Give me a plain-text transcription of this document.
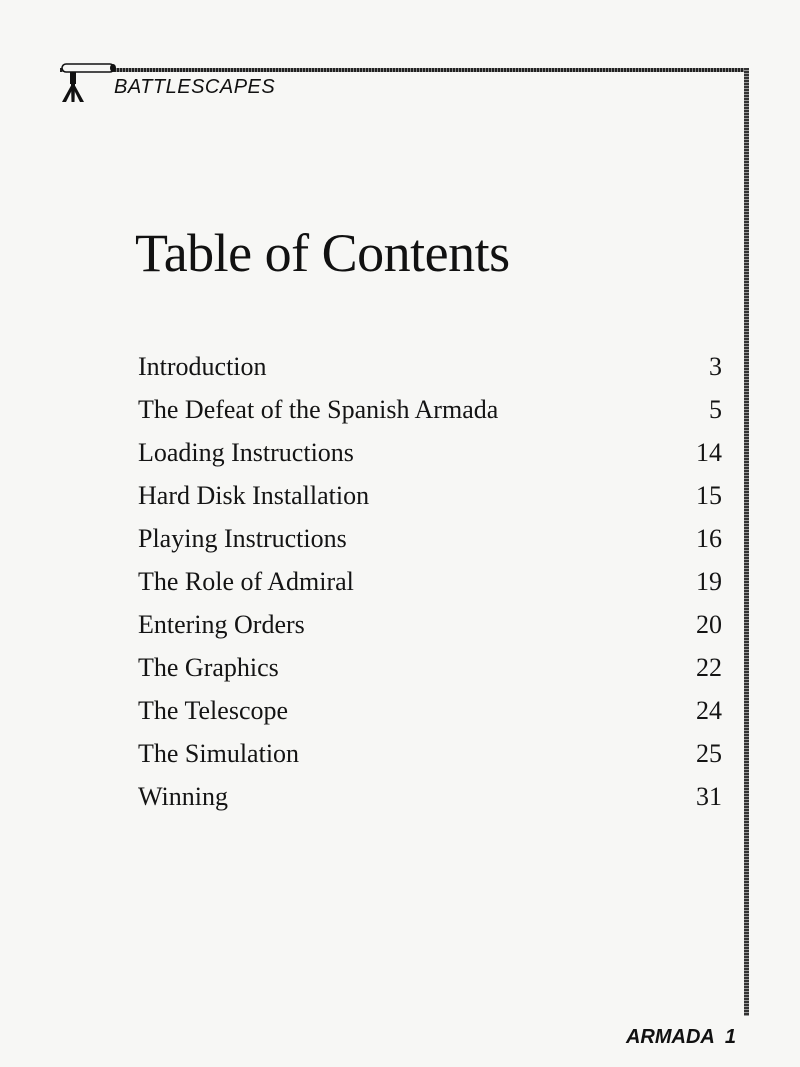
BATTLESCAPES
Table of Contents
Introduction	3
The Defeat of the Spanish Armada	5
Loading Instructions	14
Hard Disk Installation	15
Playing Instructions	16
The Role of Admiral	19
Entering Orders	20
The Graphics	22
The Telescope	24
The Simulation	25
Winning	31
ARMADA 1
